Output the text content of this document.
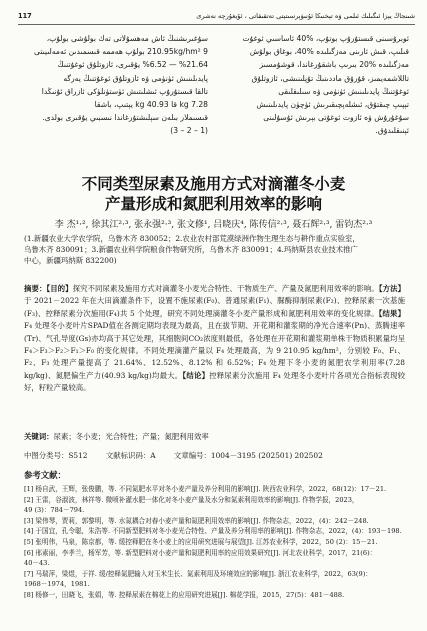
117	شىنجاڭ يېزا ئىگىلىك ئىلمى ۋە تېخنىكا ئۇنىۋېرسىتېتى تەتقىقاتى ، ئۇيغۇرچە نەشرى
ئوبرۇسىنى قىستۇرۇپ بوتۇپ، %40 ئاساسىي ئوغۇت
قىلىپ، قىش ئارىنى مەزگىلىدە %40، بوغاق بولۇش
مەزگىلىدە %20 بىرىپ باشقۇرغاندا، قوشۇمسىز
تاللاشمەيمىز، قۇرۇق ماددىنىڭ تۇپلىنىشى، ئازوتلۇق
ئوغۇتنىڭ پايدىلىنىش ئۈنۈمى ۋە سىلىقلىقى
تېپىپ چىقتۇق، ئىشلەپچىقىرىش ئۈچۈن پايدىلىنىش
سۇغۇرۇش ۋە ئازوت ئوغۇتى بېرىش ئۇسۇلىنى
ئېنىقلىدۇق.
سۇغىرىشنىڭ ئاش مەھسۇلاتى تەك بولۇشى بولۇپ،
9 210.95kg/hm² بولۇپ ھەممە قىسمىدىن ئەمەلىيىتى
%21.64 — %6.52 يۇقىرى، ئازوتلۇق ئوغۇتنىڭ
پايدىلىنىش ئۈنۈمى ۋە ئازوتلۇق ئوغۇتنىڭ يەرگە
تالقا قىستۇرۇپ ئىشلىتىش ئۈستۈنلۈكى ئازراق ئۇنىڭدا
7.28 kg قا 40.93 kg يېتىپ، باشقا
قىسىملار بىلەن سېلىشتۇرغاندا نىسبىي يۇقىرى بولدى.
(1 – 2 – 3)
不同类型尿素及施用方式对滴灌冬小麦
产量形成和氮肥利用效率的影响
李 杰¹·², 徐其江²·³, 张永强²·³, 张文修¹, 吕晓庆⁴, 陈传信²·³, 聂石辉²·³, 雷钧杰²·³
(1.新疆农业大学农学院，乌鲁木齐 830052；2.农业农村部荒漠绿洲作物生理生态与耕作重点实验室，
乌鲁木齐 830091；3.新疆农业科学院粮食作物研究所，乌鲁木齐 830091；4.玛纳斯县农业技术推广
中心，新疆玛纳斯 832200)
摘要：【目的】探究不同尿素及施用方式对滴灌冬小麦光合特性、干物质生产、产量及氮肥利用效率的影响。【方法】于 2021－2022 年在大田滴灌条件下，设置不施尿素(F₀)、普通尿素(F₁)、脲酶抑制尿素(F₂)、控释尿素一次基施(F₃)、控释尿素分次施用(F₄)共 5 个处理，研究不同处理滴灌冬小麦产量形成和氮肥利用效率的变化规律。【结果】F₄ 处理冬小麦叶片SPAD值在各测定期均表现为最高，且在拔节期、开花期和灌浆期的净光合速率(Pn)、蒸腾速率(Tr)、气孔导度(Gs)亦均高于其它处理，其细胞间CO₂浓度则最低，各处理在开花期和灌浆期单株干物质积累量均呈 F₄＞F₃＞F₂＞F₁＞F₀ 的变化规律。不同处理滴灌产量以 F₄ 处理最高，为 9 210.95 kg/hm²，分别较 F₀、F₁、F₂、F₃ 处理产量提高了 21.64%、12.52%、8.12% 和 6.52%；F₄ 处理下冬小麦的氮肥农学利用率(7.28 kg/kg)、氮肥偏生产力(40.93 kg/kg)均最大。【结论】控释尿素分次施用 F₄ 处理冬小麦叶片各项光合指标表现较好，籽粒产量较高。
关键词：尿素；冬小麦；光合特性；产量；氮肥利用效率
中图分类号：S512 文献标识码：A 文章编号：1004－3195 (202501) 202502
参考文献：
[1] 杨自武，王辉，张俊鹏，等. 不同氮肥水平对冬小麦产量及养分利用的影响[J]. 陕西农业科学，2022，68(12)：17－21.
[2] 王雷，谷淑波，林祥等. 微喷补灌水肥一体化对冬小麦产量及水分和氮素利用效率的影响[J]. 作物学报，2023，
49 (3)：784－794.
[3] 梁伟琴，贾莉，郭黎明，等. 水氮耦合对春小麦产量和氮肥利用效率的影响[J]. 作物杂志，2022，(4)：242－248.
[4] 于国宜，孔令聪，朱浩等. 不同新型肥料对冬小麦光合特性、产量及养分利用率的影响[J]. 作物杂志，2022，(4)：193－198.
[5] 张明伟，马泉，陈京都，等. 缓控释肥在冬小麦上的应用研究进展与展望[J]. 江苏农业科学，2022，50 (2)：15－21.
[6] 邢素丽，李孝兰，杨军芳，等. 新型肥料对小麦产量和氮肥利用率的应用效果研究[J]. 河北农业科学，2017，21(6)：
40－43.
[7] 马瑞萍，梁煜，于祥. 缓/控释氮肥输入对玉米生长、氮素利用及环境效应的影响[J]. 浙江农业科学，2022，63(9)：
1968－1974，1981.
[8] 杨修一，田晓飞，张娟，等. 控释尿素在棉花上的应用研究进展[J]. 棉花学报，2015，27(5)：481－488.
